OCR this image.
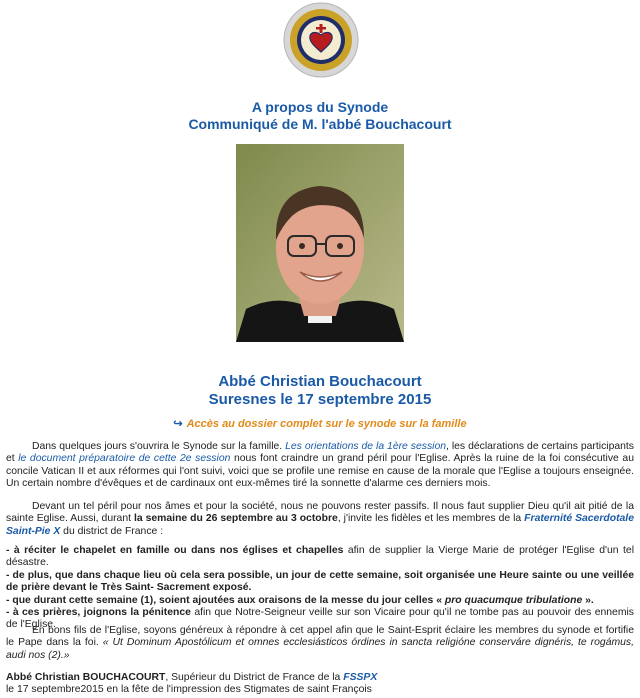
A propos du Synode
Communiqué de M. l'abbé Bouchacourt
Abbé Christian Bouchacourt
Suresnes le 17 septembre 2015
↪ Accès au dossier complet sur le synode sur la famille

Dans quelques jours s'ouvrira le Synode sur la famille. Les orientations de la 1ère session, les déclarations de certains participants et le document préparatoire de cette 2e session nous font craindre un grand péril pour l'Eglise. Après la ruine de la foi consécutive au concile Vatican II et aux réformes qui l'ont suivi, voici que se profile une remise en cause de la morale que l'Eglise a toujours enseignée. Un certain nombre d'évêques et de cardinaux ont eux-mêmes tiré la sonnette d'alarme ces derniers mois.

Devant un tel péril pour nos âmes et pour la société, nous ne pouvons rester passifs. Il nous faut supplier Dieu qu'il ait pitié de la sainte Eglise. Aussi, durant la semaine du 26 septembre au 3 octobre, j'invite les fidèles et les membres de la Fraternité Sacerdotale Saint-Pie X du district de France :

- à réciter le chapelet en famille ou dans nos églises et chapelles afin de supplier la Vierge Marie de protéger l'Eglise d'un tel désastre.

- de plus, que dans chaque lieu où cela sera possible, un jour de cette semaine, soit organisée une Heure sainte ou une veillée de prière devant le Très Saint- Sacrement exposé.

- que durant cette semaine (1), soient ajoutées aux oraisons de la messe du jour celles « pro quacumque tribulatione ».

- à ces prières, joignons la pénitence afin que Notre-Seigneur veille sur son Vicaire pour qu'il ne tombe pas au pouvoir des ennemis de l'Eglise.

En bons fils de l'Eglise, soyons généreux à répondre à cet appel afin que le Saint-Esprit éclaire les membres du synode et fortifie le Pape dans la foi. « Ut Dominum Apostólicum et omnes ecclesiásticos órdines in sancta religióne conserváre dignéris, te rogámus, audi nos (2).»

Abbé Christian BOUCHACOURT, Supérieur du District de France de la FSSPX

le 17 septembre2015 en la fête de l'impression des Stigmates de saint François
